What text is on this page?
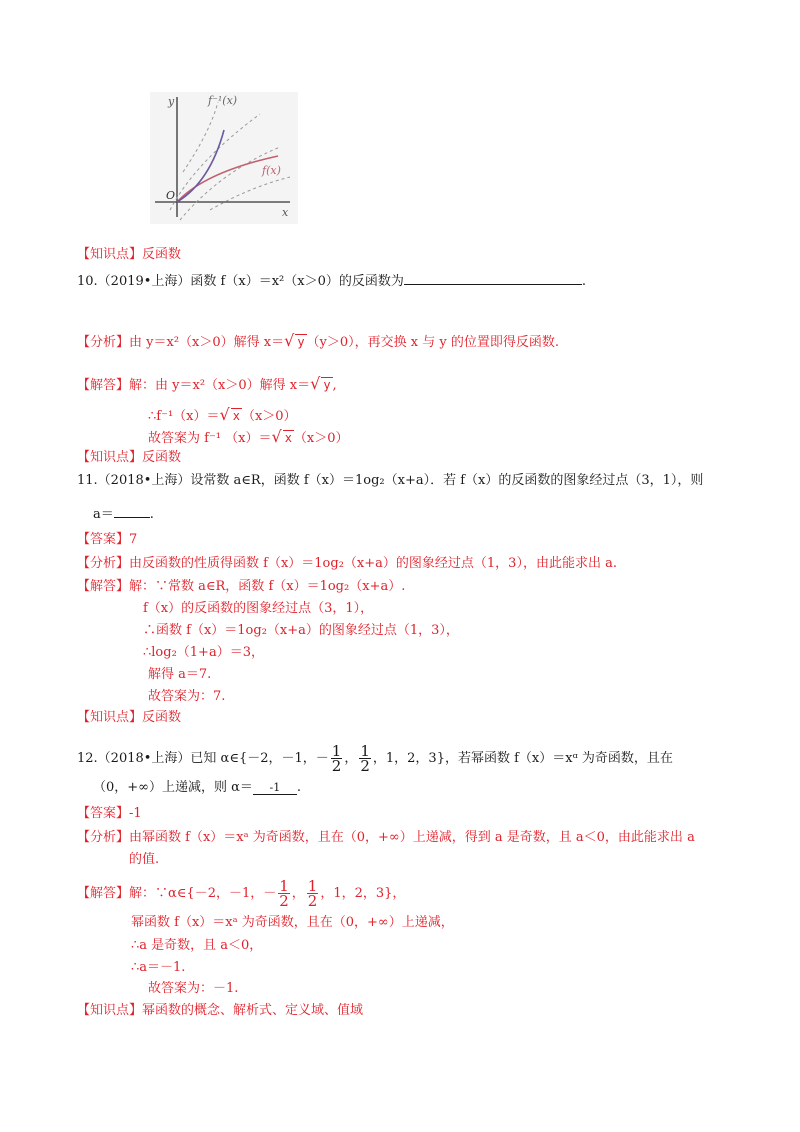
y
x
O
f⁻¹(x)
f(x)
【知识点】反函数
10.（2019•上海）函数 f（x）＝x²（x＞0）的反函数为	.
【分析】由 y＝x²（x＞0）解得 x＝√ y （y＞0），再交换 x 与 y 的位置即得反函数.
【解答】解：由 y＝x²（x＞0）解得 x＝√ y ,
∴f⁻¹（x）＝√ x （x＞0）
故答案为 f⁻¹ （x）＝√ x （x＞0）
【知识点】反函数
11.（2018•上海）设常数 a∈R，函数 f（x）＝1og₂（x+a）．若 f（x）的反函数的图象经过点（3，1），则
a＝	.
【答案】7
【分析】由反函数的性质得函数 f（x）＝1og₂（x+a）的图象经过点（1，3），由此能求出 a.
【解答】解：∵常数 a∈R，函数 f（x）＝1og₂（x+a）.
f（x）的反函数的图象经过点（3，1），
∴函数 f（x）＝1og₂（x+a）的图象经过点（1，3），
∴log₂（1+a）＝3，
解得 a＝7.
故答案为：7.
【知识点】反函数
12.（2018•上海）已知 α∈{－2，－1，－ $\frac{1}{2}$ ， $\frac{1}{2}$ ，1，2，3}，若幂函数 f（x）＝xᵅ 为奇函数，且在
（0，+∞）上递减，则 α＝ -1 .
【答案】-1
【分析】由幂函数 f（x）＝xᵃ 为奇函数，且在（0，+∞）上递减，得到 a 是奇数，且 a＜0，由此能求出 a
的值.
【解答】解：∵α∈{－2，－1，－ $\frac{1}{2}$ ， $\frac{1}{2}$ ，1，2，3}，
幂函数 f（x）＝xᵃ 为奇函数，且在（0，+∞）上递减，
∴a 是奇数，且 a＜0，
∴a＝－1.
故答案为：－1.
【知识点】幂函数的概念、解析式、定义域、值域
